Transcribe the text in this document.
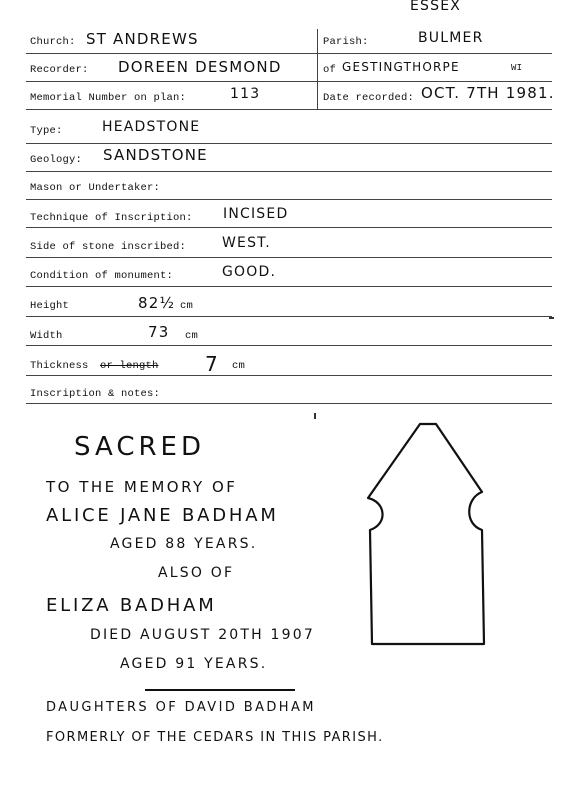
ESSEX
Church: ST ANDREWS	Parish:	BULMER
Recorder: DOREEN DESMOND	of GESTINGTHORPE	WI
Memorial Number on plan:	113	Date recorded: OCT. 7TH 1981.
Type:	HEADSTONE
Geology: SANDSTONE
Mason or Undertaker:
Technique of Inscription: INCISED
Side of stone inscribed:	WEST.
Condition of monument:	GOOD.
Height	82½ cm
Width	73 cm
Thickness or length 7 cm
Inscription & notes:
SACRED
TO THE MEMORY OF
ALICE JANE BADHAM
AGED 88 YEARS.
ALSO OF
ELIZA BADHAM
DIED AUGUST 20TH 1907
AGED 91 YEARS.
DAUGHTERS OF DAVID BADHAM
FORMERLY OF THE CEDARS IN THIS PARISH.
